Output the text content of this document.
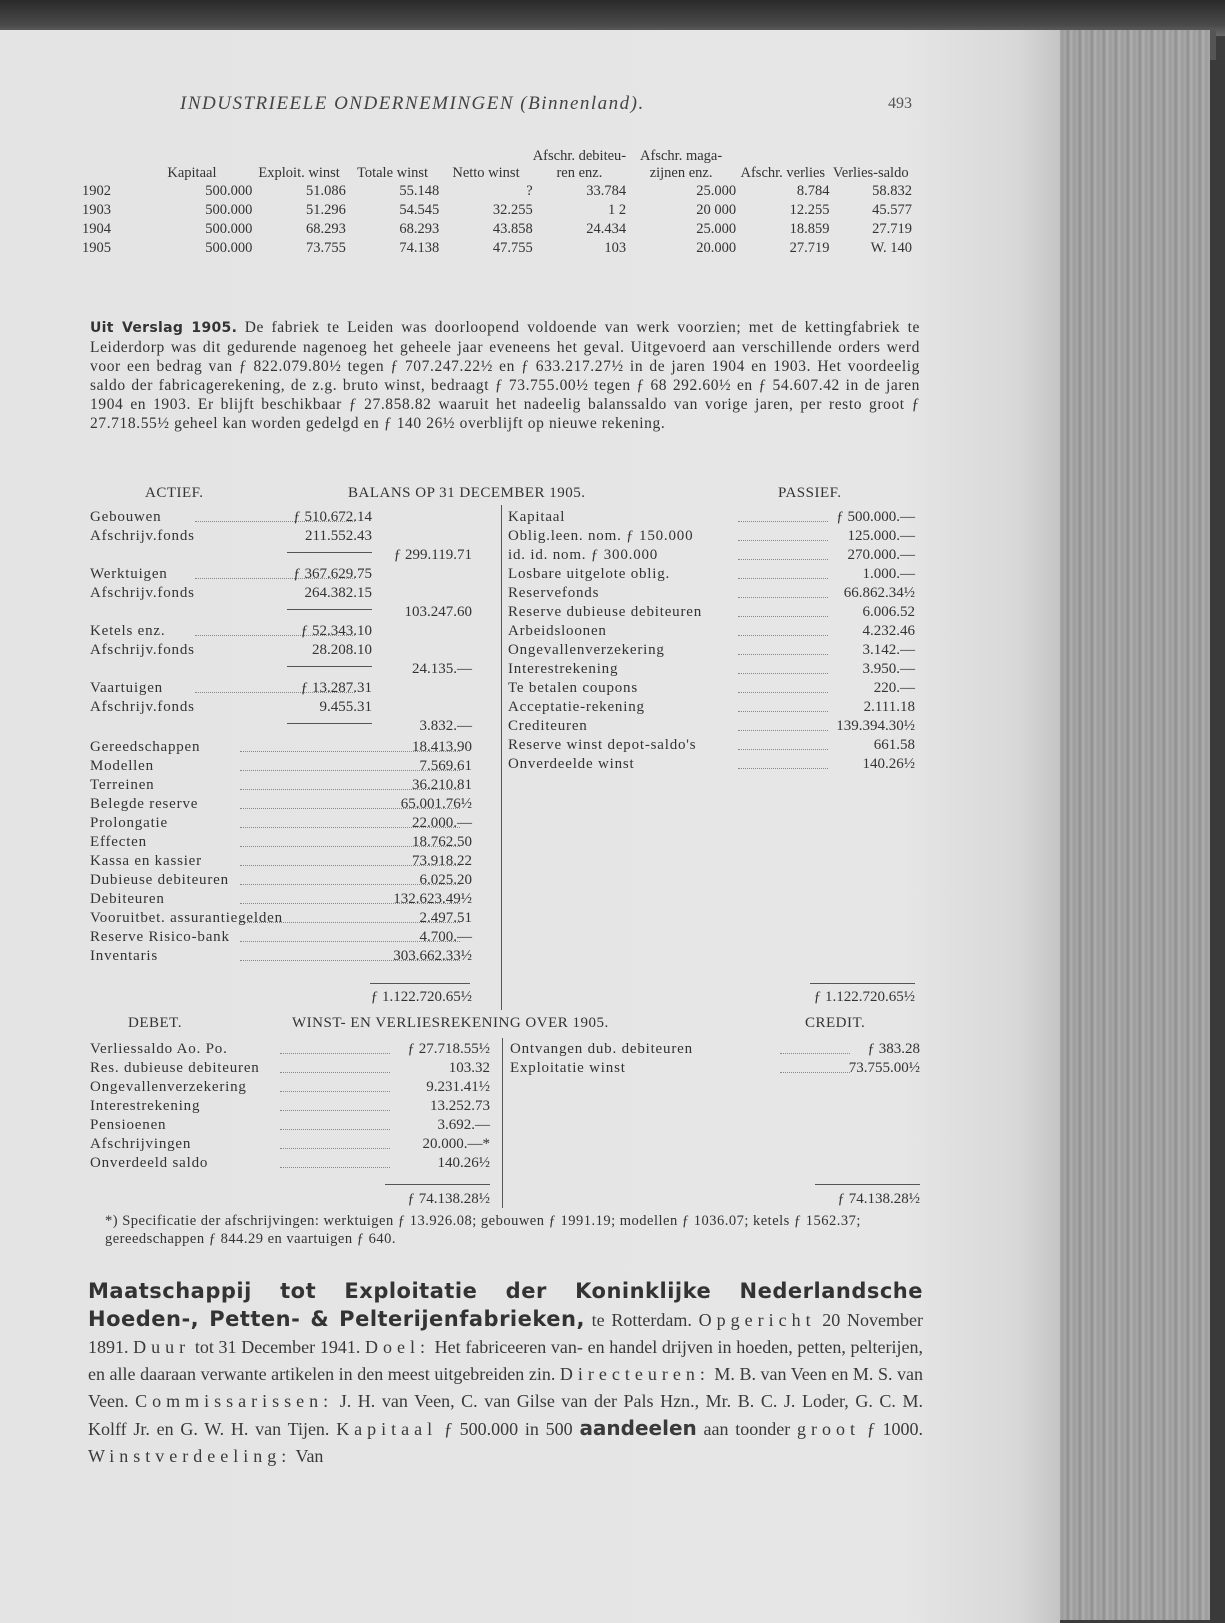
INDUSTRIEELE ONDERNEMINGEN (Binnenland).	493
	Kapitaal	Exploit. winst	Totale winst	Netto winst	Afschr. debiteu-ren enz.	Afschr. maga-zijnen enz.	Afschr. verlies	Verlies-saldo
1902	500.000	51.086	55.148	?	33.784	25.000	8.784	58.832
1903	500.000	51.296	54.545	32.255	1 2	20 000	12.255	45.577
1904	500.000	68.293	68.293	43.858	24.434	25.000	18.859	27.719
1905	500.000	73.755	74.138	47.755	103	20.000	27.719	W. 140
Uit Verslag 1905. De fabriek te Leiden was doorloopend voldoende van werk voorzien; met de kettingfabriek te Leiderdorp was dit gedurende nagenoeg het geheele jaar eveneens het geval. Uitgevoerd aan verschillende orders werd voor een bedrag van ƒ 822.079.80½ tegen ƒ 707.247.22½ en ƒ 633.217.27½ in de jaren 1904 en 1903. Het voordeelig saldo der fabricagerekening, de z.g. bruto winst, bedraagt ƒ 73.755.00½ tegen ƒ 68 292.60½ en ƒ 54.607.42 in de jaren 1904 en 1903. Er blijft beschikbaar ƒ 27.858.82 waaruit het nadeelig balanssaldo van vorige jaren, per resto groot ƒ 27.718.55½ geheel kan worden gedelgd en ƒ 140 26½ overblijft op nieuwe rekening.
ACTIEF.	BALANS OP 31 DECEMBER 1905.	PASSIEF.
Gebouwen	ƒ 510.672.14
Afschrijv.fonds	211.552.43
ƒ 299.119.71
Werktuigen	ƒ 367.629.75
Afschrijv.fonds	264.382.15
103.247.60
Ketels enz.	ƒ 52.343.10
Afschrijv.fonds	28.208.10
24.135.—
Vaartuigen	ƒ 13.287.31
Afschrijv.fonds	9.455.31
3.832.—
Gereedschappen	18.413.90
Modellen	7.569.61
Terreinen	36.210.81
Belegde reserve	65.001.76½
Prolongatie	22.000.—
Effecten	18.762.50
Kassa en kassier	73.918.22
Dubieuse debiteuren	6.025.20
Debiteuren	132.623.49½
Vooruitbet. assurantiegelden	2.497.51
Reserve Risico-bank	4.700.—
Inventaris	303.662.33½
ƒ 1.122.720.65½
Kapitaal	ƒ 500.000.—
Oblig.leen. nom. ƒ 150.000	125.000.—
id. id. nom. ƒ 300.000	270.000.—
Losbare uitgelote oblig.	1.000.—
Reservefonds	66.862.34½
Reserve dubieuse debiteuren	6.006.52
Arbeidsloonen	4.232.46
Ongevallenverzekering	3.142.—
Interestrekening	3.950.—
Te betalen coupons	220.—
Acceptatie-rekening	2.111.18
Crediteuren	139.394.30½
Reserve winst depot-saldo's	661.58
Onverdeelde winst	140.26½
ƒ 1.122.720.65½
DEBET.	WINST- EN VERLIESREKENING OVER 1905.	CREDIT.
Verliessaldo Ao. Po.	ƒ 27.718.55½
Res. dubieuse debiteuren	103.32
Ongevallenverzekering	9.231.41½
Interestrekening	13.252.73
Pensioenen	3.692.—
Afschrijvingen	20.000.—*
Onverdeeld saldo	140.26½
Ontvangen dub. debiteuren	ƒ 383.28
Exploitatie winst	73.755.00½
ƒ 74.138.28½	ƒ 74.138.28½
*) Specificatie der afschrijvingen: werktuigen ƒ 13.926.08; gebouwen ƒ 1991.19; modellen ƒ 1036.07; ketels ƒ 1562.37; gereedschappen ƒ 844.29 en vaartuigen ƒ 640.
Maatschappij tot Exploitatie der Koninklijke Nederlandsche Hoeden-, Petten- & Pelterijenfabrieken, te Rotterdam. Opgericht 20 November 1891. Duur tot 31 December 1941. Doel: Het fabriceeren van- en handel drijven in hoeden, petten, pelterijen, en alle daaraan verwante artikelen in den meest uitgebreiden zin. Directeuren: M. B. van Veen en M. S. van Veen. Commissarissen: J. H. van Veen, C. van Gilse van der Pals Hzn., Mr. B. C. J. Loder, G. C. M. Kolff Jr. en G. W. H. van Tijen. Kapitaal ƒ 500.000 in 500 aandeelen aan toonder groot ƒ 1000. Winstverdeeling: Van
